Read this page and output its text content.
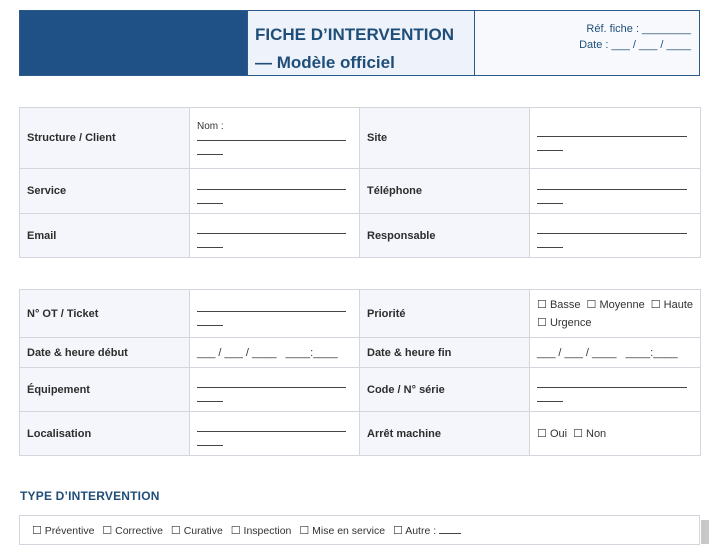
FICHE D’INTERVENTION
— Modèle officiel
Réf. fiche : ________
Date : ___ / ___ / ____
Structure / Client	Nom :	Site	

Service		Téléphone	

Email		Responsable	
N° OT / Ticket		Priorité	☐ Basse ☐ Moyenne ☐ Haute
☐ Urgence
Date & heure début	___ / ___ / ____   ____:____	Date & heure fin	___ / ___ / ____   ____:____
Équipement		Code / N° série	

Localisation		Arrêt machine	☐ Oui ☐ Non
TYPE D’INTERVENTION
☐ Préventive ☐ Corrective ☐ Curative ☐ Inspection ☐ Mise en service ☐ Autre :
